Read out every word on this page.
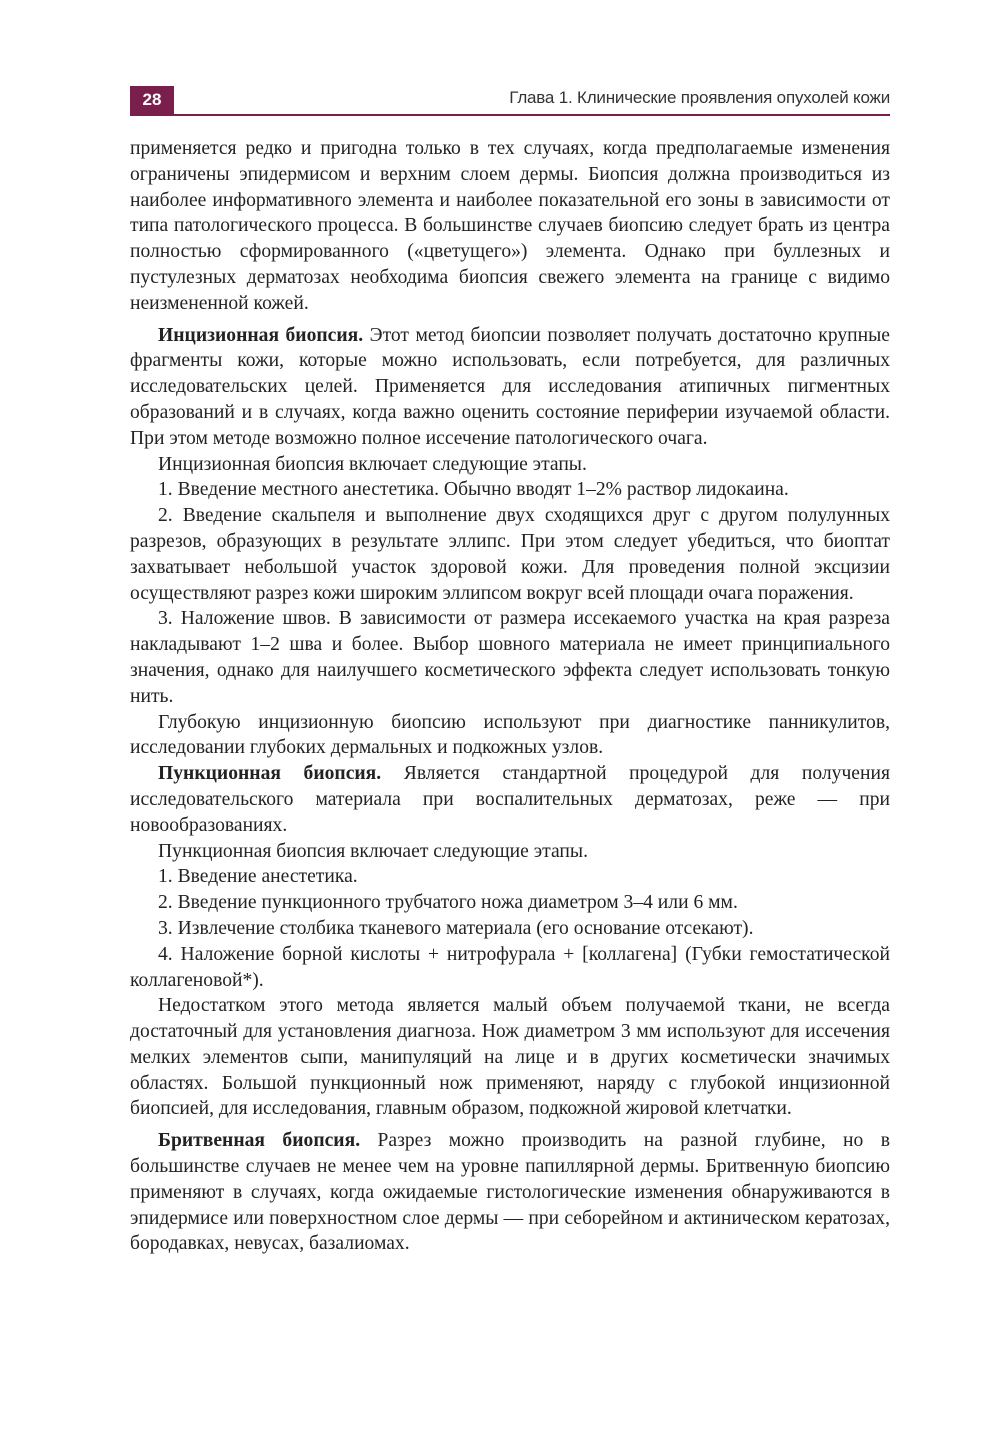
28	Глава 1. Клинические проявления опухолей кожи

применяется редко и пригодна только в тех случаях, когда предполагаемые изменения ограничены эпидермисом и верхним слоем дермы. Биопсия должна производиться из наиболее информативного элемента и наиболее показательной его зоны в зависимости от типа патологического процесса. В большинстве случаев биопсию следует брать из центра полностью сформированного («цветущего») элемента. Однако при буллезных и пустулезных дерматозах необходима биопсия свежего элемента на границе с видимо неизмененной кожей.

Инцизионная биопсия. Этот метод биопсии позволяет получать достаточно крупные фрагменты кожи, которые можно использовать, если потребуется, для различных исследовательских целей. Применяется для исследования атипичных пигментных образований и в случаях, когда важно оценить состояние периферии изучаемой области. При этом методе возможно полное иссечение патологического очага.

Инцизионная биопсия включает следующие этапы.

1. Введение местного анестетика. Обычно вводят 1–2% раствор лидокаина.

2. Введение скальпеля и выполнение двух сходящихся друг с другом полулунных разрезов, образующих в результате эллипс. При этом следует убедиться, что биоптат захватывает небольшой участок здоровой кожи. Для проведения полной эксцизии осуществляют разрез кожи широким эллипсом вокруг всей площади очага поражения.

3. Наложение швов. В зависимости от размера иссекаемого участка на края разреза накладывают 1–2 шва и более. Выбор шовного материала не имеет принципиального значения, однако для наилучшего косметического эффекта следует использовать тонкую нить.

Глубокую инцизионную биопсию используют при диагностике панникулитов, исследовании глубоких дермальных и подкожных узлов.

Пункционная биопсия. Является стандартной процедурой для получения исследовательского материала при воспалительных дерматозах, реже — при новообразованиях.

Пункционная биопсия включает следующие этапы.

1. Введение анестетика.

2. Введение пункционного трубчатого ножа диаметром 3–4 или 6 мм.

3. Извлечение столбика тканевого материала (его основание отсекают).

4. Наложение борной кислоты + нитрофурала + [коллагена] (Губки гемостатической коллагеновой*).

Недостатком этого метода является малый объем получаемой ткани, не всегда достаточный для установления диагноза. Нож диаметром 3 мм используют для иссечения мелких элементов сыпи, манипуляций на лице и в других косметически значимых областях. Большой пункционный нож применяют, наряду с глубокой инцизионной биопсией, для исследования, главным образом, подкожной жировой клетчатки.

Бритвенная биопсия. Разрез можно производить на разной глубине, но в большинстве случаев не менее чем на уровне папиллярной дермы. Бритвенную биопсию применяют в случаях, когда ожидаемые гистологические изменения обнаруживаются в эпидермисе или поверхностном слое дермы — при себорейном и актиническом кератозах, бородавках, невусах, базалиомах.
